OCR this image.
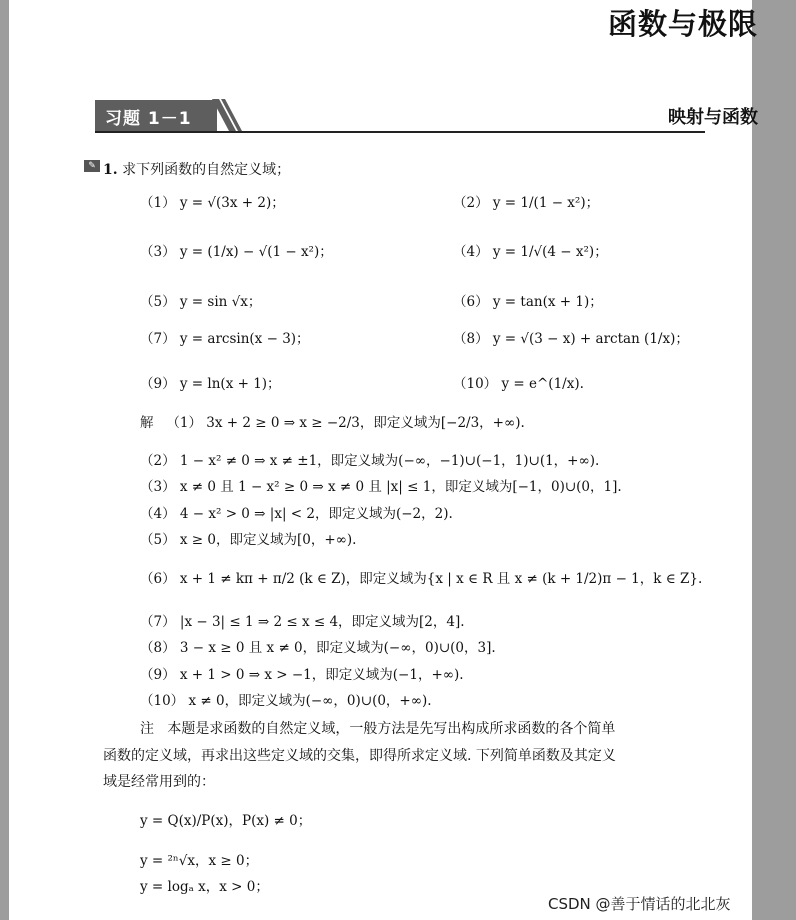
函数与极限
习题 1－1	映射与函数
✎ 1. 求下列函数的自然定义域；
（1） y = √(3x + 2)；	（2） y = 1/(1 − x²)；
（3） y = (1/x) − √(1 − x²)；	（4） y = 1/√(4 − x²)；
（5） y = sin √x；	（6） y = tan(x + 1)；
（7） y = arcsin(x − 3)；	（8） y = √(3 − x) + arctan (1/x)；
（9） y = ln(x + 1)；	（10） y = e^(1/x).
解 （1） 3x + 2 ≥ 0 ⇒ x ≥ −2/3，即定义域为[−2/3，+∞).
（2） 1 − x² ≠ 0 ⇒ x ≠ ±1，即定义域为(−∞，−1)∪(−1，1)∪(1，+∞).
（3） x ≠ 0 且 1 − x² ≥ 0 ⇒ x ≠ 0 且 |x| ≤ 1，即定义域为[−1，0)∪(0，1].
（4） 4 − x² > 0 ⇒ |x| < 2，即定义域为(−2，2).
（5） x ≥ 0，即定义域为[0，+∞).
（6） x + 1 ≠ kπ + π/2 (k ∈ Z)，即定义域为{x | x ∈ R 且 x ≠ (k + 1/2)π − 1，k ∈ Z}.
（7） |x − 3| ≤ 1 ⇒ 2 ≤ x ≤ 4，即定义域为[2，4].
（8） 3 − x ≥ 0 且 x ≠ 0，即定义域为(−∞，0)∪(0，3].
（9） x + 1 > 0 ⇒ x > −1，即定义域为(−1，+∞).
（10） x ≠ 0，即定义域为(−∞，0)∪(0，+∞).
注 本题是求函数的自然定义域，一般方法是先写出构成所求函数的各个简单
函数的定义域，再求出这些定义域的交集，即得所求定义域. 下列简单函数及其定义
域是经常用到的：
y = Q(x)/P(x)，P(x) ≠ 0；
y = ²ⁿ√x，x ≥ 0；
y = logₐ x，x > 0；
CSDN @善于情话的北北灰
